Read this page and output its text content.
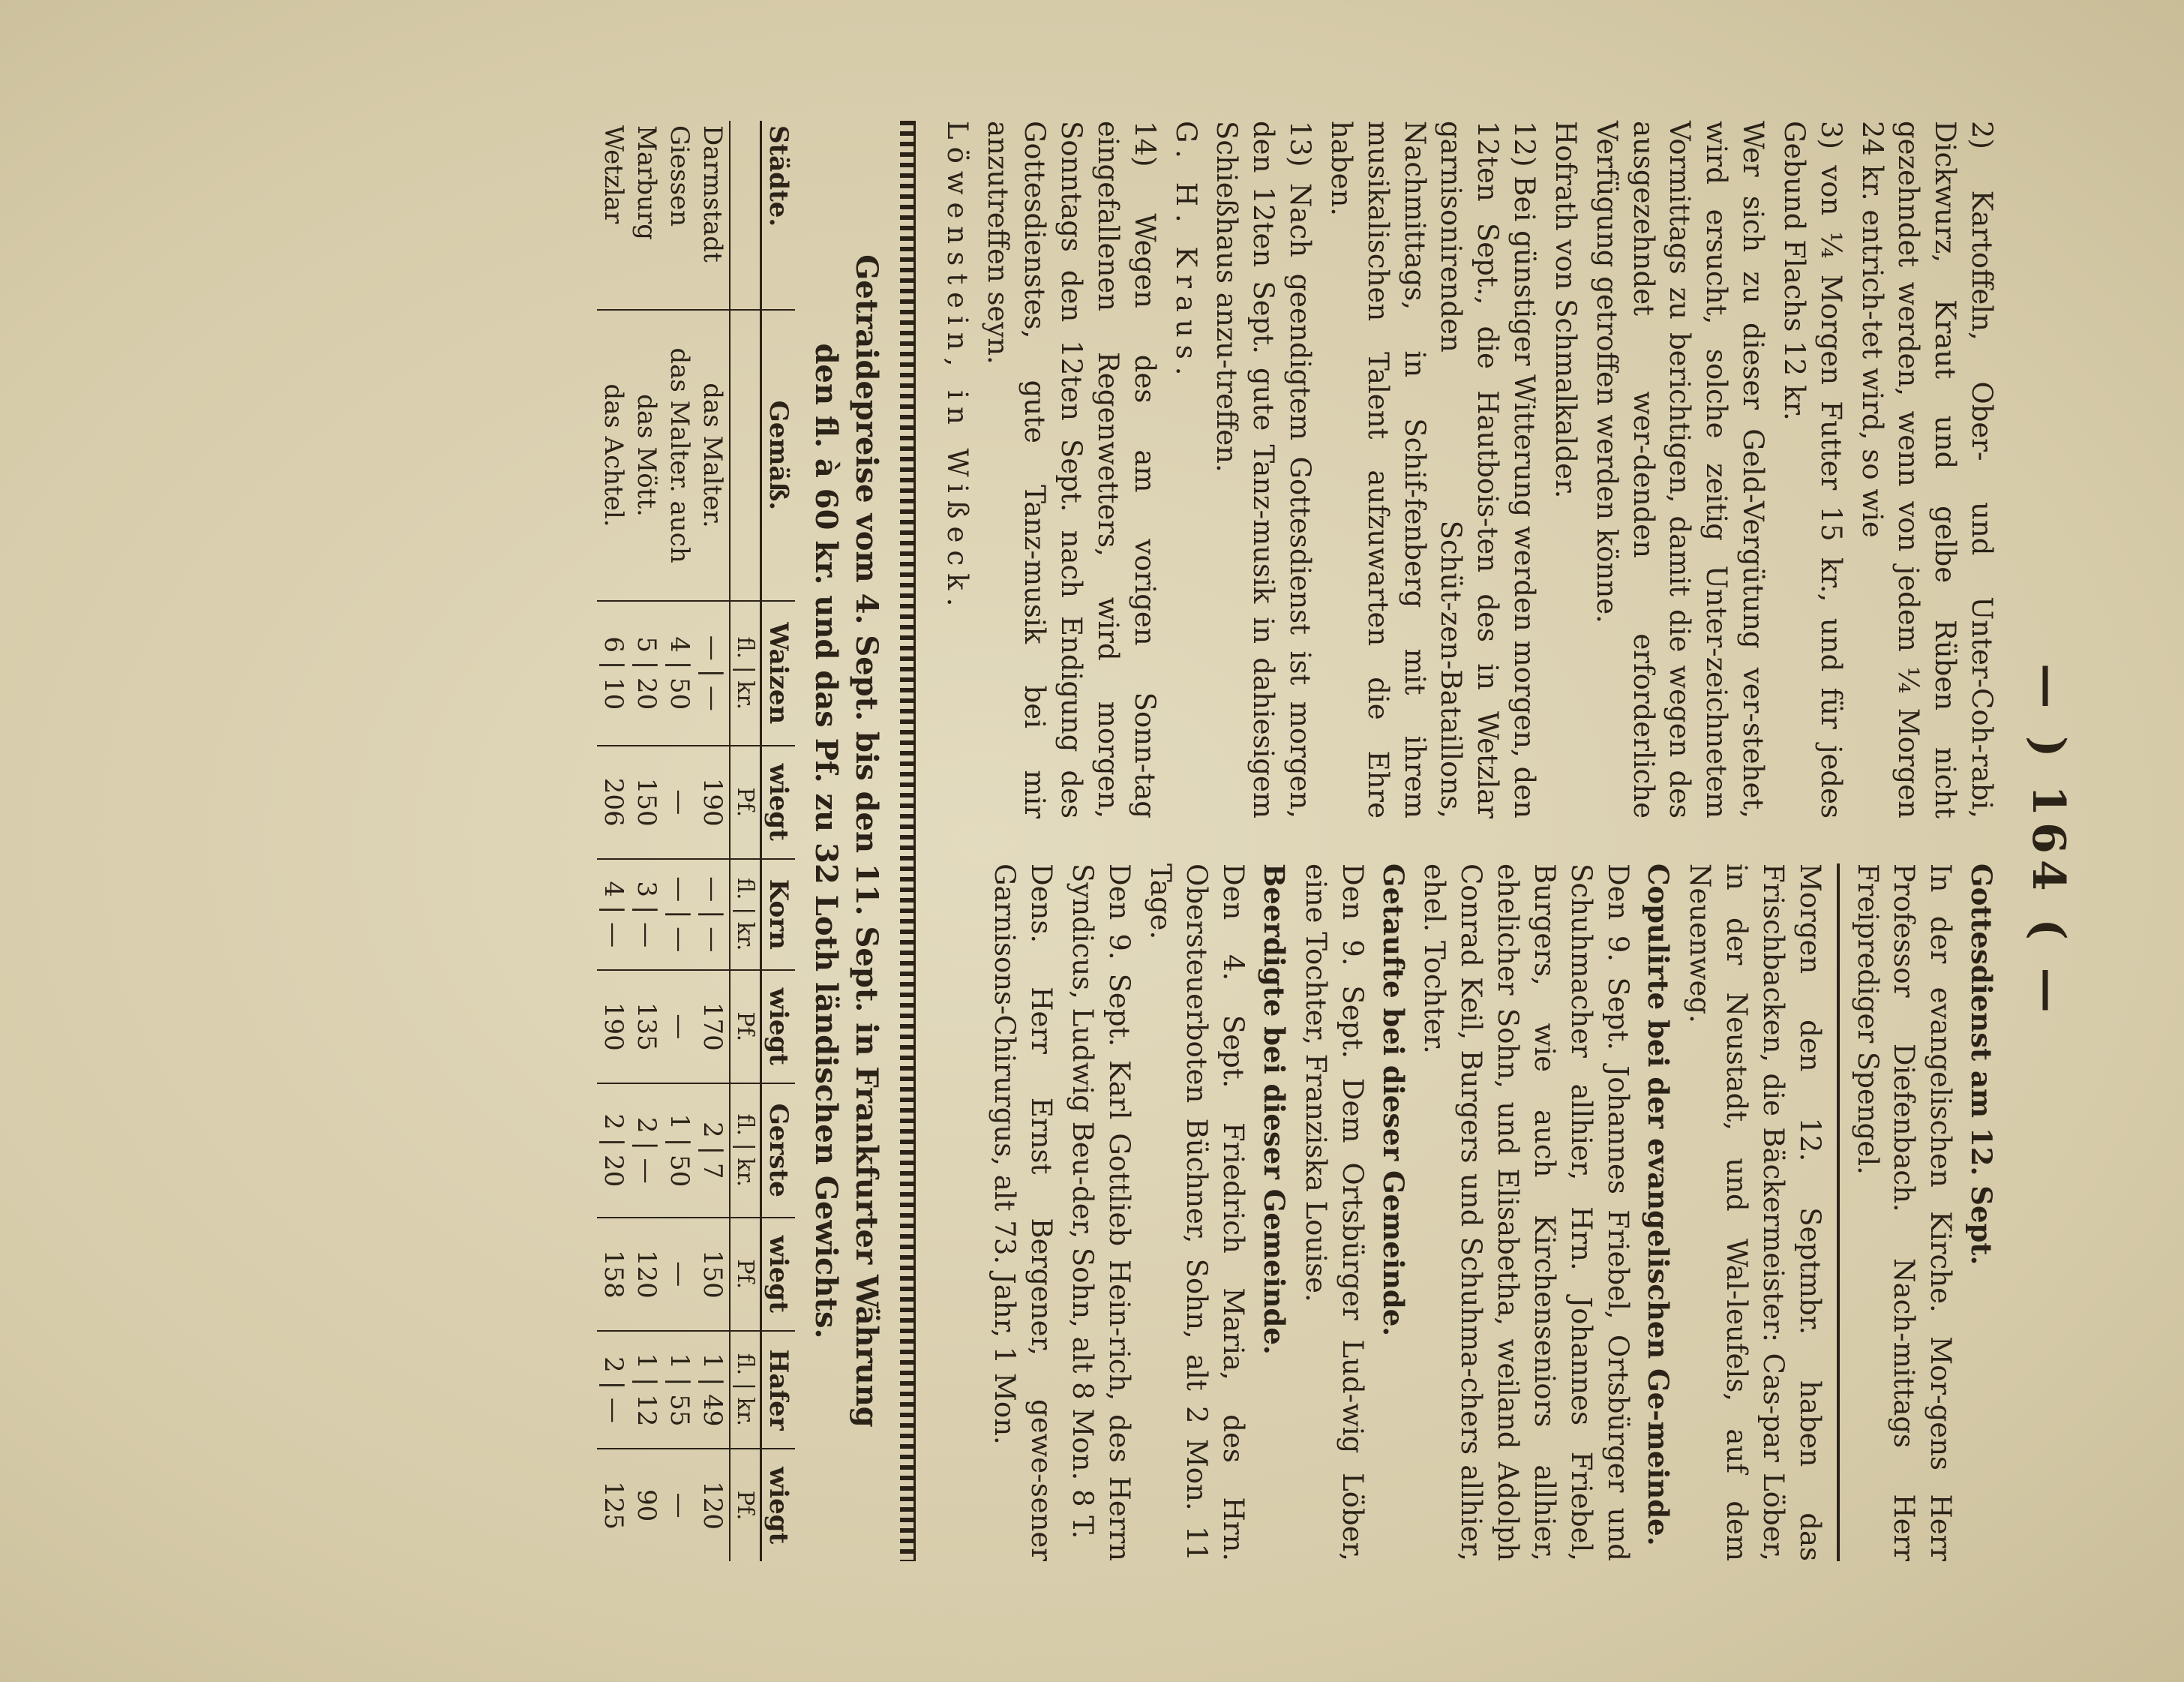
— ) 164 ( —

2) Kartoffeln, Ober- und Unter-Coh-rabi, Dickwurz, Kraut und gelbe Rüben nicht gezehndet werden, wenn von jedem ¼ Morgen 24 kr. entrich-tet wird, so wie

3) von ¼ Morgen Futter 15 kr., und für jedes Gebund Flachs 12 kr.

Wer sich zu dieser Geld-Vergütung ver-stehet, wird ersucht, solche zeitig Unter-zeichnetem Vormittags zu berichtigen, damit die wegen des ausgezehndet wer-denden erforderliche Verfügung getroffen werden könne.

Hofrath von Schmalkalder.

12) Bei günstiger Witterung werden morgen, den 12ten Sept., die Hautbois-ten des in Wetzlar garnisonirenden Schüt-zen-Bataillons, Nachmittags, in Schif-fenberg mit ihrem musikalischen Talent aufzuwarten die Ehre haben.

13) Nach geendigtem Gottesdienst ist morgen, den 12ten Sept. gute Tanz-musik in dahiesigem Schießhaus anzu-treffen.

G. H. Kraus.

14) Wegen des am vorigen Sonn-tag eingefallenen Regenwetters, wird morgen, Sonntags den 12ten Sept. nach Endigung des Gottesdienstes, gute Tanz-musik bei mir anzutreffen seyn.

Löwenstein, in Wißeck.

Gottesdienst am 12. Sept.

In der evangelischen Kirche. Mor-gens Herr Professor Diefenbach. Nach-mittags Herr Freiprediger Spengel.

Morgen den 12. Septmbr. haben das Frischbacken, die Bäckermeister: Cas-par Löber, in der Neustadt, und Wal-leufels, auf dem Neuenweg.

Copulirte bei der evangelischen Ge-meinde.

Den 9. Sept. Johannes Friebel, Ortsbürger und Schuhmacher allhier, Hrn. Johannes Friebel, Burgers, wie auch Kirchenseniors allhier, ehelicher Sohn, und Elisabetha, weiland Adolph Conrad Keil, Burgers und Schuhma-chers allhier, ehel. Tochter.

Getaufte bei dieser Gemeinde.

Den 9. Sept. Dem Ortsbürger Lud-wig Löber, eine Tochter, Franziska Louise.

Beerdigte bei dieser Gemeinde.

Den 4. Sept. Friedrich Maria, des Hrn. Obersteuerboten Büchner, Sohn, alt 2 Mon. 11 Tage.

Den 9. Sept. Karl Gottlieb Hein-rich, des Herrn Syndicus, Ludwig Beu-der, Sohn, alt 8 Mon. 8 T.

Dens. Herr Ernst Bergener, gewe-sener Garnisons-Chirurgus, alt 73. Jahr, 1 Mon.

Getraidepreise vom 4. Sept. bis den 11. Sept. in Frankfurter Währung
den fl. à 60 kr. und das Pf. zu 32 Loth ländischen Gewichts.
Städte.	Gemäß.	Waizen	wiegt	Korn	wiegt	Gerste	wiegt	Hafer	wiegt
		fl. | kr.	Pf.	fl. | kr.	Pf.	fl. | kr.	Pf.	fl. | kr.	Pf.
Darmstadt	das Malter.	— | —	190	— | —	170	2 | 7	150	1 | 49	120
Giessen	das Malter. auch	4 | 50	—	— | —	—	1 | 50	—	1 | 55	—
Marburg	das Mött.	5 | 20	150	3 | —	135	2 | —	120	1 | 12	90
Wetzlar	das Achtel.	6 | 10	206	4 | —	190	2 | 20	158	2 | —	125
